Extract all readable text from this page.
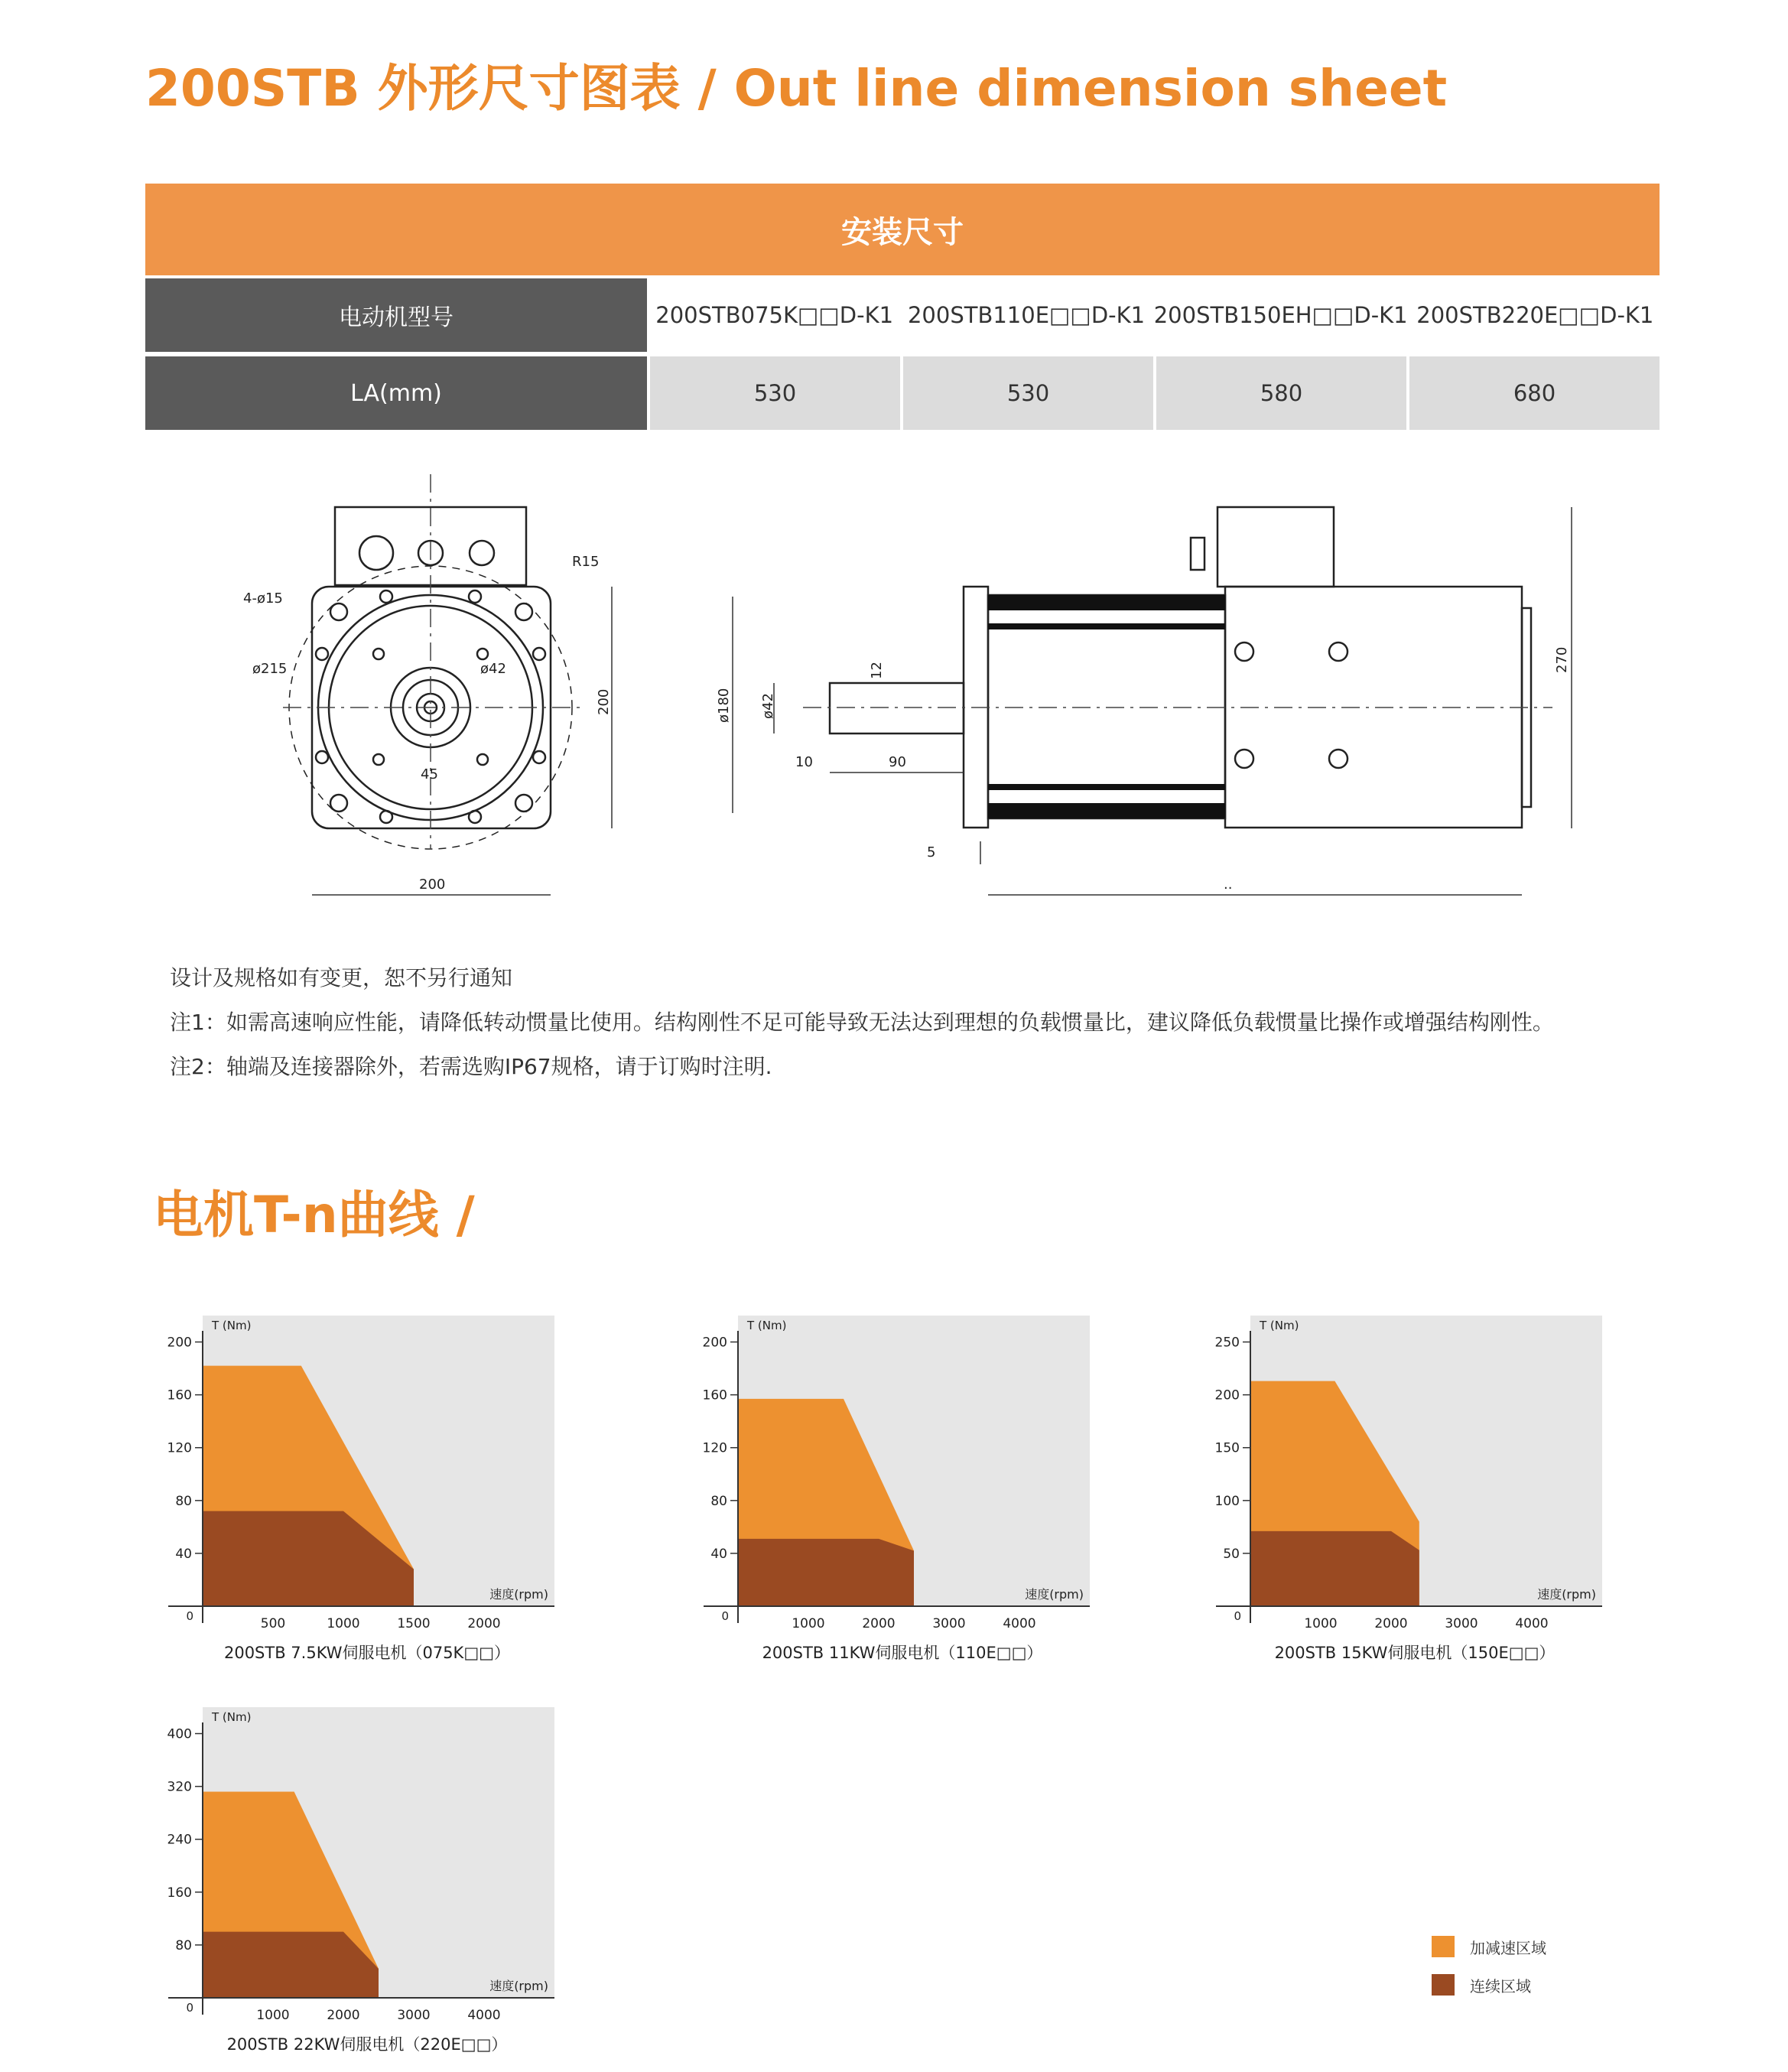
200STB 外形尺寸图表 / Out line dimension sheet
安装尺寸
电动机型号	200STB075K□□D-K1 200STB110E□□D-K1 200STB150EH□□D-K1 200STB220E□□D-K1
LA(mm)	530	530	580	680
4-ø15
ø215	ø42
R15
45
200
200
ø180 ø42
12
10	90
5
270
..
设计及规格如有变更，恕不另行通知
注1：如需高速响应性能，请降低转动惯量比使用。结构刚性不足可能导致无法达到理想的负载惯量比，建议降低负载惯量比操作或增强结构刚性。
注2：轴端及连接器除外，若需选购IP67规格，请于订购时注明.
电机T-n曲线 /
500	1000	1500	2000
40
80
120
160
200
0
T (Nm)
速度(rpm)
200STB 7.5KW伺服电机（075K□□）
1000	2000	3000	4000
40
80
120
160
200
0
T (Nm)
速度(rpm)
200STB 11KW伺服电机（110E□□）
1000	2000	3000	4000
50
100
150
200
250
0
T (Nm)
速度(rpm)
200STB 15KW伺服电机（150E□□）
1000	2000	3000	4000
80
160
240
320
400
0
T (Nm)
速度(rpm)
200STB 22KW伺服电机（220E□□）
加减速区域
连续区域
